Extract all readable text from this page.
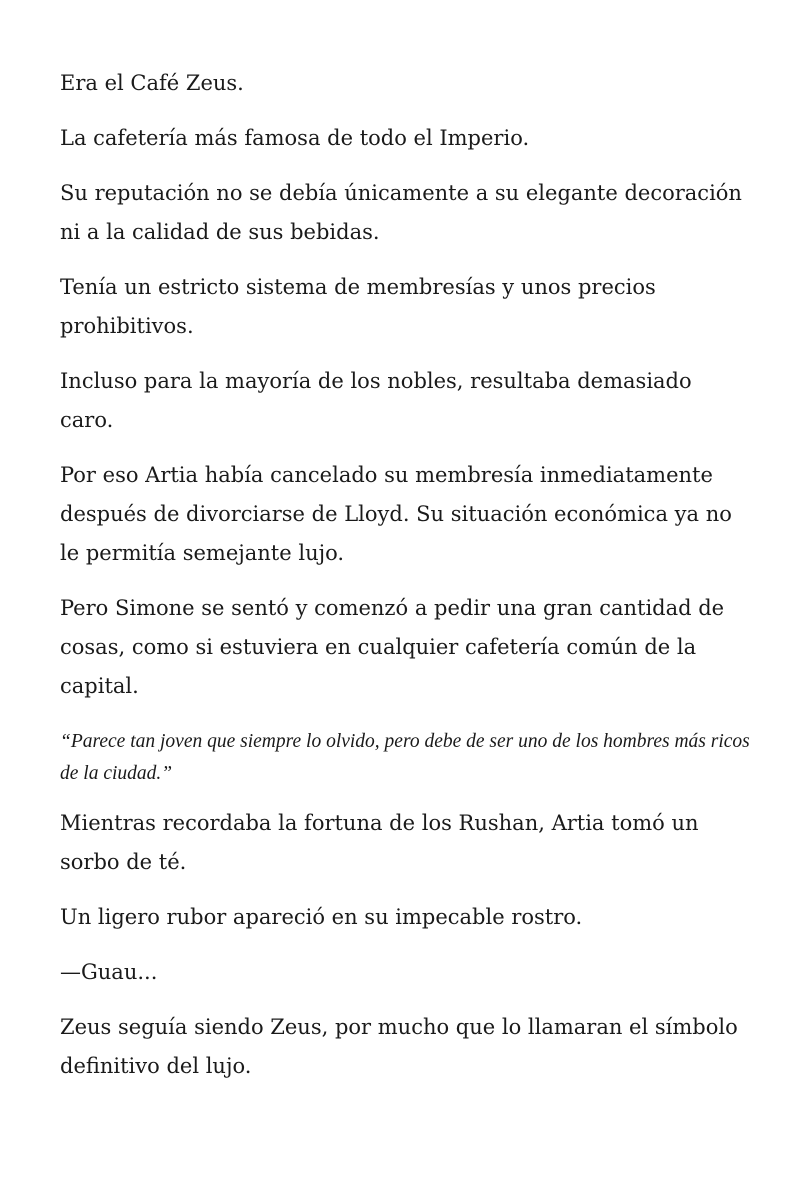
Era el Café Zeus.

La cafetería más famosa de todo el Imperio.

Su reputación no se debía únicamente a su elegante decoración ni a la calidad de sus bebidas.

Tenía un estricto sistema de membresías y unos precios prohibitivos.

Incluso para la mayoría de los nobles, resultaba demasiado caro.

Por eso Artia había cancelado su membresía inmediatamente después de divorciarse de Lloyd. Su situación económica ya no le permitía semejante lujo.

Pero Simone se sentó y comenzó a pedir una gran cantidad de cosas, como si estuviera en cualquier cafetería común de la capital.

“Parece tan joven que siempre lo olvido, pero debe de ser uno de los hombres más ricos de la ciudad.”

Mientras recordaba la fortuna de los Rushan, Artia tomó un sorbo de té.

Un ligero rubor apareció en su impecable rostro.

—Guau...

Zeus seguía siendo Zeus, por mucho que lo llamaran el símbolo definitivo del lujo.
